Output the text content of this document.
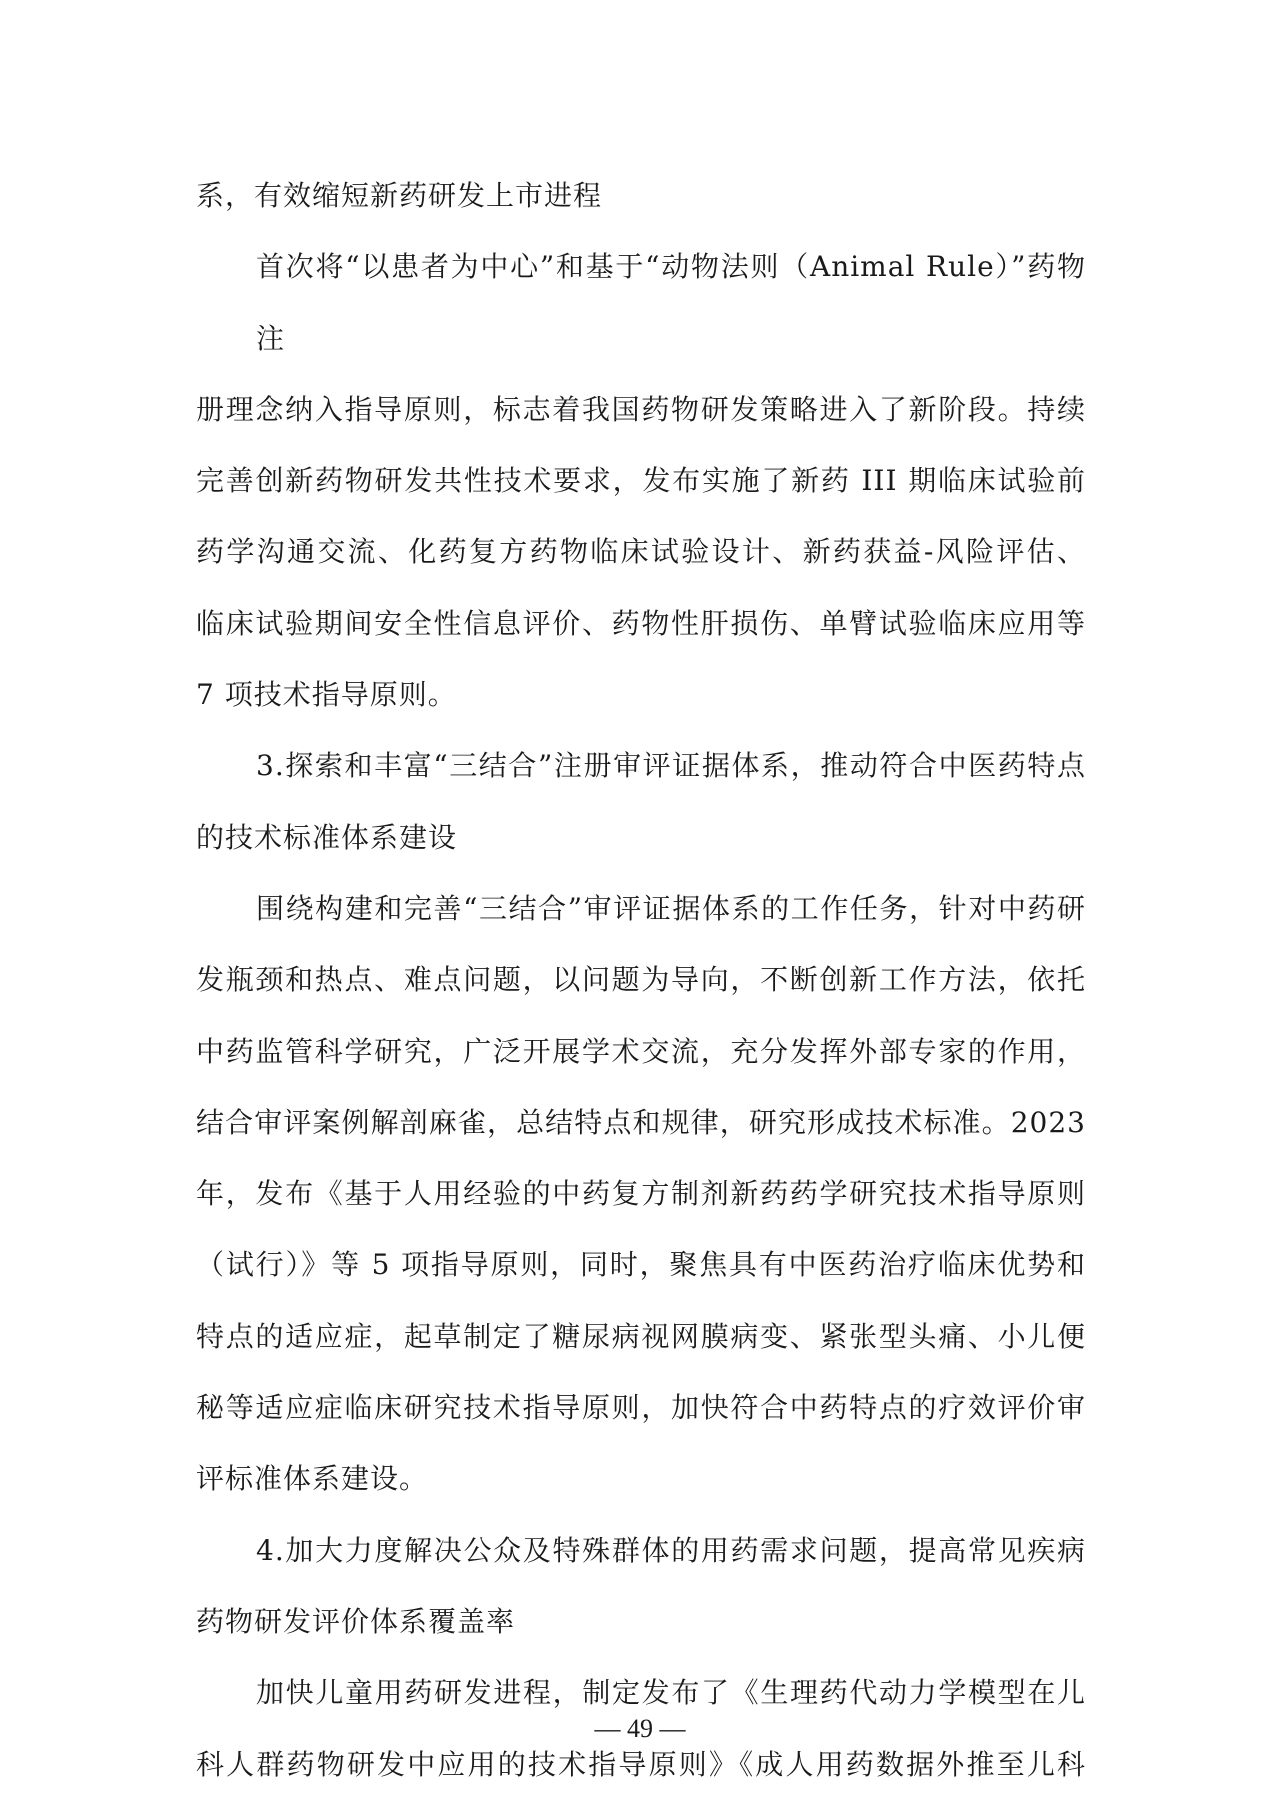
系，有效缩短新药研发上市进程

首次将“以患者为中心”和基于“动物法则（Animal Rule）”药物注
册理念纳入指导原则，标志着我国药物研发策略进入了新阶段。持续
完善创新药物研发共性技术要求，发布实施了新药 III 期临床试验前
药学沟通交流、化药复方药物临床试验设计、新药获益-风险评估、
临床试验期间安全性信息评价、药物性肝损伤、单臂试验临床应用等
7 项技术指导原则。

3.探索和丰富“三结合”注册审评证据体系，推动符合中医药特点
的技术标准体系建设

围绕构建和完善“三结合”审评证据体系的工作任务，针对中药研
发瓶颈和热点、难点问题，以问题为导向，不断创新工作方法，依托
中药监管科学研究，广泛开展学术交流，充分发挥外部专家的作用，
结合审评案例解剖麻雀，总结特点和规律，研究形成技术标准。2023
年，发布《基于人用经验的中药复方制剂新药药学研究技术指导原则
（试行）》等 5 项指导原则，同时，聚焦具有中医药治疗临床优势和
特点的适应症，起草制定了糖尿病视网膜病变、紧张型头痛、小儿便
秘等适应症临床研究技术指导原则，加快符合中药特点的疗效评价审
评标准体系建设。

4.加大力度解决公众及特殊群体的用药需求问题，提高常见疾病
药物研发评价体系覆盖率

加快儿童用药研发进程，制定发布了《生理药代动力学模型在儿
科人群药物研发中应用的技术指导原则》《成人用药数据外推至儿科

— 49 —
